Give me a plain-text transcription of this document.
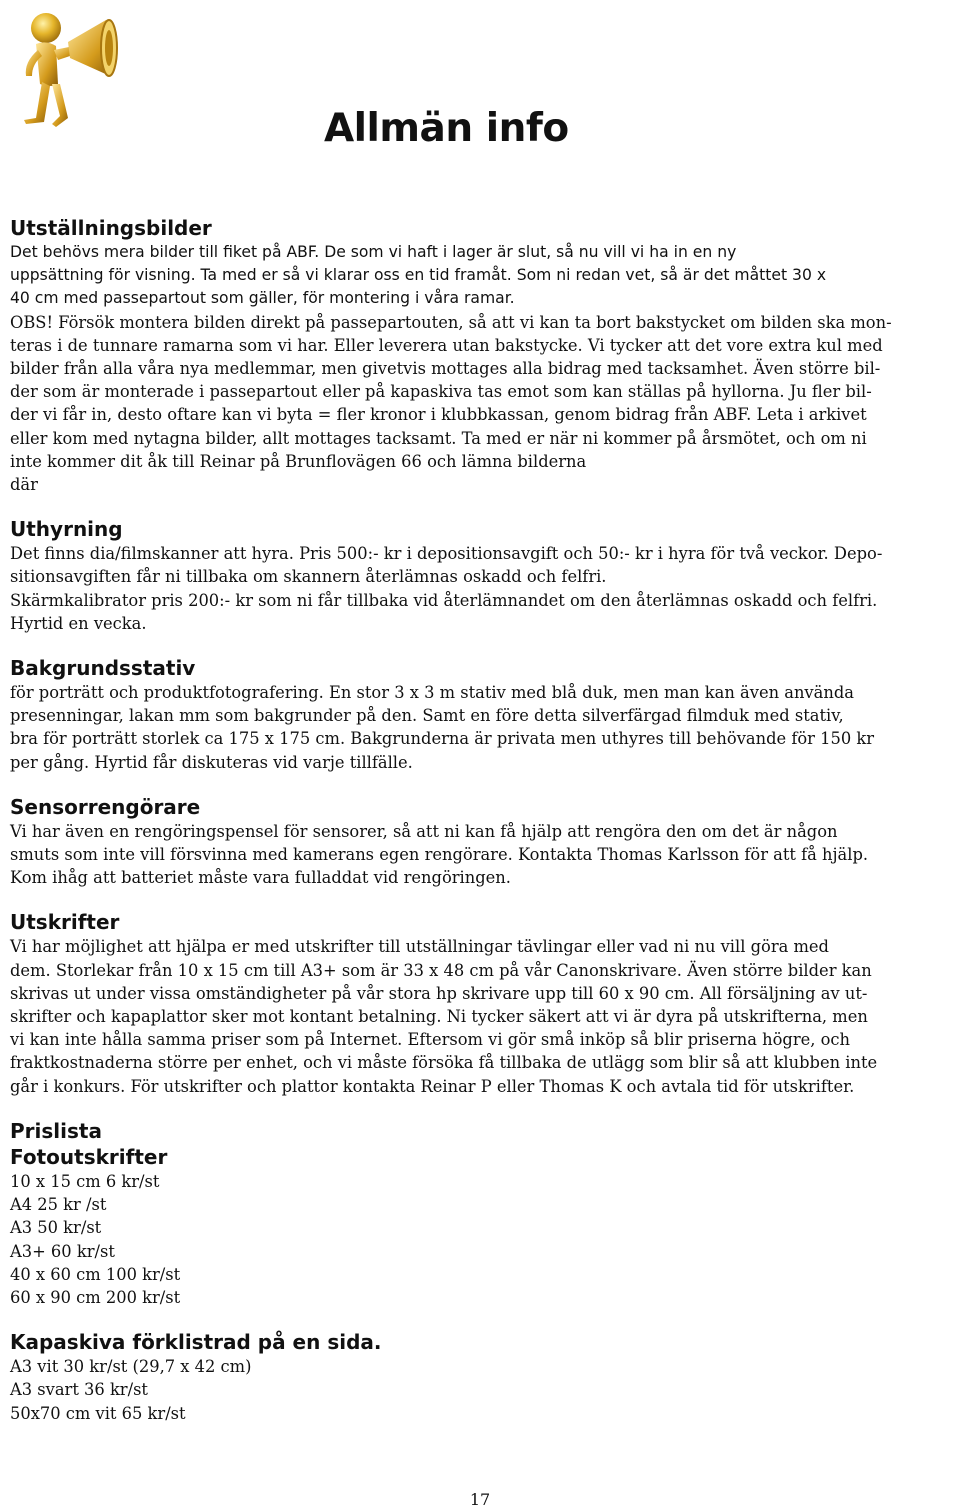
Allmän info
Utställningsbilder
Det behövs mera bilder till fiket på ABF. De som vi haft i lager är slut, så nu vill vi ha in en ny
uppsättning för visning. Ta med er så vi klarar oss en tid framåt. Som ni redan vet, så är det måttet 30 x
40 cm med passepartout som gäller, för montering i våra ramar.
OBS! Försök montera bilden direkt på passepartouten, så att vi kan ta bort bakstycket om bilden ska mon-
teras i de tunnare ramarna som vi har. Eller leverera utan bakstycke. Vi tycker att det vore extra kul med
bilder från alla våra nya medlemmar, men givetvis mottages alla bidrag med tacksamhet. Även större bil-
der som är monterade i passepartout eller på kapaskiva tas emot som kan ställas på hyllorna. Ju fler bil-
der vi får in, desto oftare kan vi byta = fler kronor i klubbkassan, genom bidrag från ABF. Leta i arkivet
eller kom med nytagna bilder, allt mottages tacksamt. Ta med er när ni kommer på årsmötet, och om ni
inte kommer dit åk till Reinar på Brunflovägen 66 och lämna bilderna
där
Uthyrning
Det finns dia/filmskanner att hyra. Pris 500:- kr i depositionsavgift och 50:- kr i hyra för två veckor. Depo-
sitionsavgiften får ni tillbaka om skannern återlämnas oskadd och felfri.
Skärmkalibrator pris 200:- kr som ni får tillbaka vid återlämnandet om den återlämnas oskadd och felfri.
Hyrtid en vecka.
Bakgrundsstativ
för porträtt och produktfotografering. En stor 3 x 3 m stativ med blå duk, men man kan även använda
presenningar, lakan mm som bakgrunder på den. Samt en före detta silverfärgad filmduk med stativ,
bra för porträtt storlek ca 175 x 175 cm. Bakgrunderna är privata men uthyres till behövande för 150 kr
per gång. Hyrtid får diskuteras vid varje tillfälle.
Sensorrengörare
Vi har även en rengöringspensel för sensorer, så att ni kan få hjälp att rengöra den om det är någon
smuts som inte vill försvinna med kamerans egen rengörare. Kontakta Thomas Karlsson för att få hjälp.
Kom ihåg att batteriet måste vara fulladdat vid rengöringen.
Utskrifter
Vi har möjlighet att hjälpa er med utskrifter till utställningar tävlingar eller vad ni nu vill göra med
dem. Storlekar från 10 x 15 cm till A3+ som är 33 x 48 cm på vår Canonskrivare. Även större bilder kan
skrivas ut under vissa omständigheter på vår stora hp skrivare upp till 60 x 90 cm. All försäljning av ut-
skrifter och kapaplattor sker mot kontant betalning. Ni tycker säkert att vi är dyra på utskrifterna, men
vi kan inte hålla samma priser som på Internet. Eftersom vi gör små inköp så blir priserna högre, och
fraktkostnaderna större per enhet, och vi måste försöka få tillbaka de utlägg som blir så att klubben inte
går i konkurs. För utskrifter och plattor kontakta Reinar P eller Thomas K och avtala tid för utskrifter.
Prislista
Fotoutskrifter
10 x 15 cm 6 kr/st
A4 25 kr /st
A3 50 kr/st
A3+ 60 kr/st
40 x 60 cm 100 kr/st
60 x 90 cm 200 kr/st
Kapaskiva förklistrad på en sida.
A3 vit 30 kr/st (29,7 x 42 cm)
A3 svart 36 kr/st
50x70 cm vit 65 kr/st

17
